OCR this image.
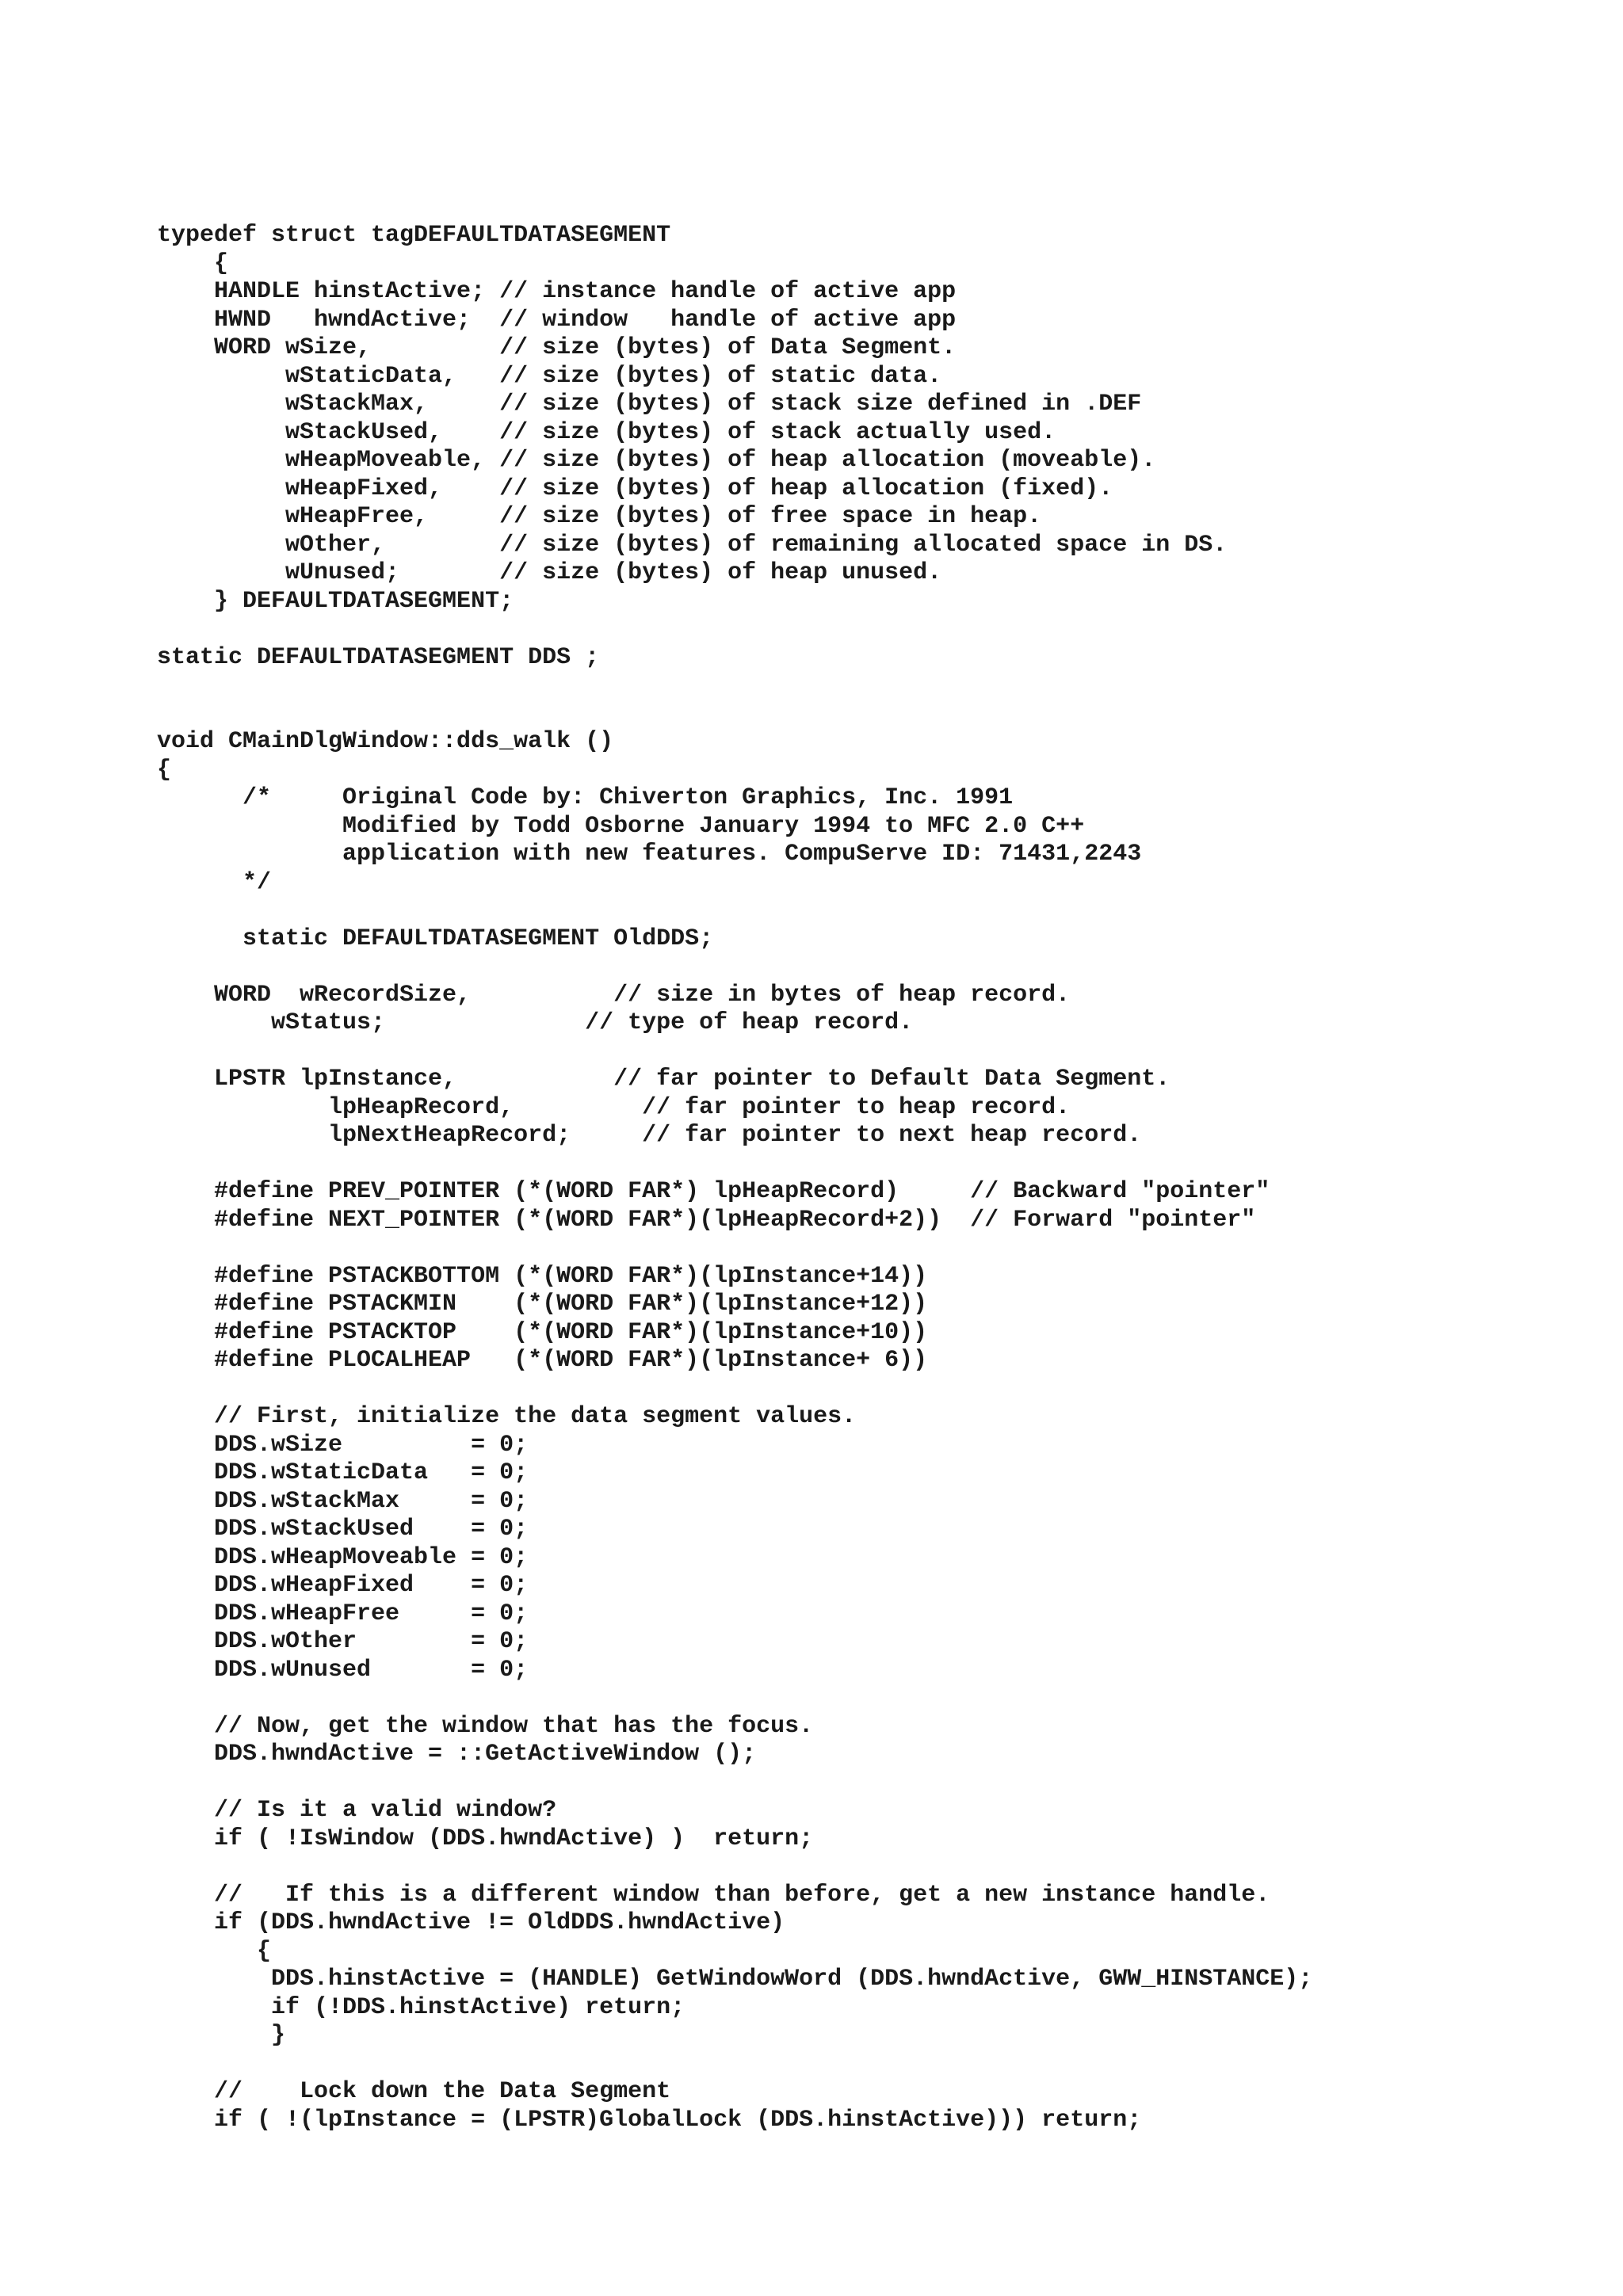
typedef struct tagDEFAULTDATASEGMENT
{
HANDLE hinstActive; // instance handle of active app
HWND   hwndActive;  // window   handle of active app
WORD wSize,         // size (bytes) of Data Segment.
wStaticData,   // size (bytes) of static data.
wStackMax,     // size (bytes) of stack size defined in .DEF
wStackUsed,    // size (bytes) of stack actually used.
wHeapMoveable, // size (bytes) of heap allocation (moveable).
wHeapFixed,    // size (bytes) of heap allocation (fixed).
wHeapFree,     // size (bytes) of free space in heap.
wOther,        // size (bytes) of remaining allocated space in DS.
wUnused;       // size (bytes) of heap unused.
} DEFAULTDATASEGMENT;
static DEFAULTDATASEGMENT DDS ;
void CMainDlgWindow::dds_walk ()
{
/*     Original Code by: Chiverton Graphics, Inc. 1991
Modified by Todd Osborne January 1994 to MFC 2.0 C++
application with new features. CompuServe ID: 71431,2243
*/
static DEFAULTDATASEGMENT OldDDS;
WORD  wRecordSize,          // size in bytes of heap record.
wStatus;              // type of heap record.
LPSTR lpInstance,           // far pointer to Default Data Segment.
lpHeapRecord,         // far pointer to heap record.
lpNextHeapRecord;     // far pointer to next heap record.
#define PREV_POINTER (*(WORD FAR*) lpHeapRecord)     // Backward "pointer"
#define NEXT_POINTER (*(WORD FAR*)(lpHeapRecord+2))  // Forward "pointer"
#define PSTACKBOTTOM (*(WORD FAR*)(lpInstance+14))
#define PSTACKMIN    (*(WORD FAR*)(lpInstance+12))
#define PSTACKTOP    (*(WORD FAR*)(lpInstance+10))
#define PLOCALHEAP   (*(WORD FAR*)(lpInstance+ 6))
// First, initialize the data segment values.
DDS.wSize         = 0;
DDS.wStaticData   = 0;
DDS.wStackMax     = 0;
DDS.wStackUsed    = 0;
DDS.wHeapMoveable = 0;
DDS.wHeapFixed    = 0;
DDS.wHeapFree     = 0;
DDS.wOther        = 0;
DDS.wUnused       = 0;
// Now, get the window that has the focus.
DDS.hwndActive = ::GetActiveWindow ();
// Is it a valid window?
if ( !IsWindow (DDS.hwndActive) )  return;
//   If this is a different window than before, get a new instance handle.
if (DDS.hwndActive != OldDDS.hwndActive)
{
DDS.hinstActive = (HANDLE) GetWindowWord (DDS.hwndActive, GWW_HINSTANCE);
if (!DDS.hinstActive) return;
}
//    Lock down the Data Segment
if ( !(lpInstance = (LPSTR)GlobalLock (DDS.hinstActive))) return;
